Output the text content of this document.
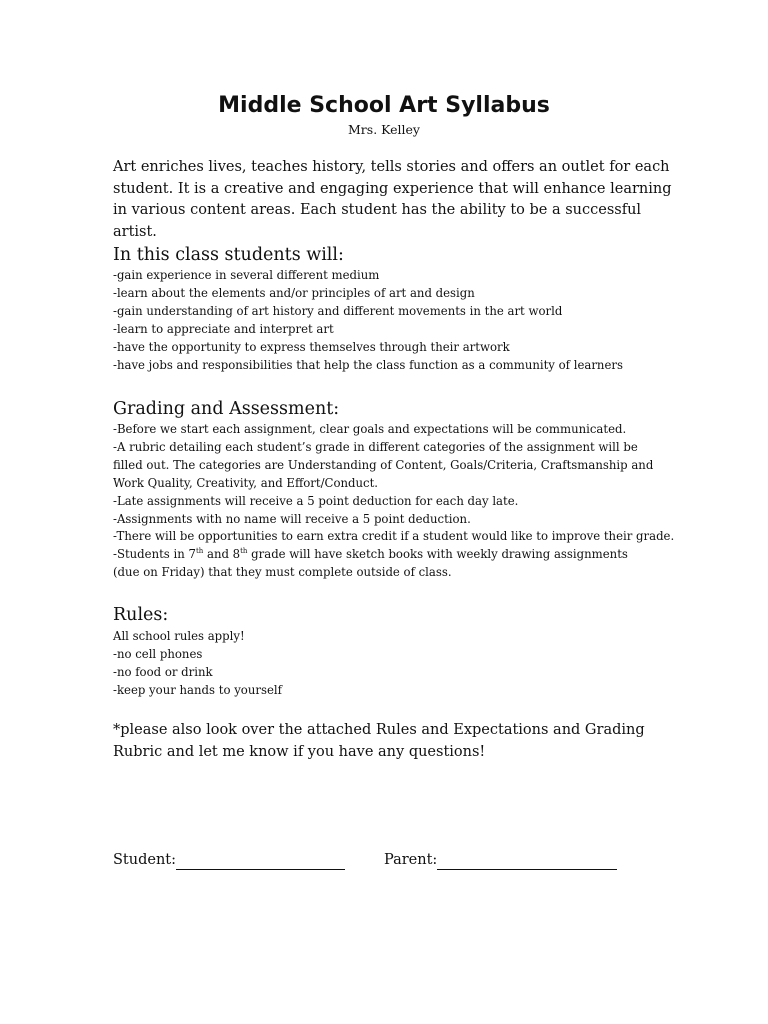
Middle School Art Syllabus
Mrs. Kelley

Art enriches lives, teaches history, tells stories and offers an outlet for each student. It is a creative and engaging experience that will enhance learning in various content areas. Each student has the ability to be a successful artist.

In this class students will:
-gain experience in several different medium
-learn about the elements and/or principles of art and design
-gain understanding of art history and different movements in the art world
-learn to appreciate and interpret art
-have the opportunity to express themselves through their artwork
-have jobs and responsibilities that help the class function as a community of learners
Grading and Assessment:
-Before we start each assignment, clear goals and expectations will be communicated.
-A rubric detailing each student’s grade in different categories of the assignment will be filled out. The categories are Understanding of Content, Goals/Criteria, Craftsmanship and Work Quality, Creativity, and Effort/Conduct.
-Late assignments will receive a 5 point deduction for each day late.
-Assignments with no name will receive a 5 point deduction.
-There will be opportunities to earn extra credit if a student would like to improve their grade.
-Students in 7th and 8th grade will have sketch books with weekly drawing assignments (due on Friday) that they must complete outside of class.
Rules:
All school rules apply!
-no cell phones
-no food or drink
-keep your hands to yourself

*please also look over the attached Rules and Expectations and Grading Rubric and let me know if you have any questions!

Student:	Parent:
